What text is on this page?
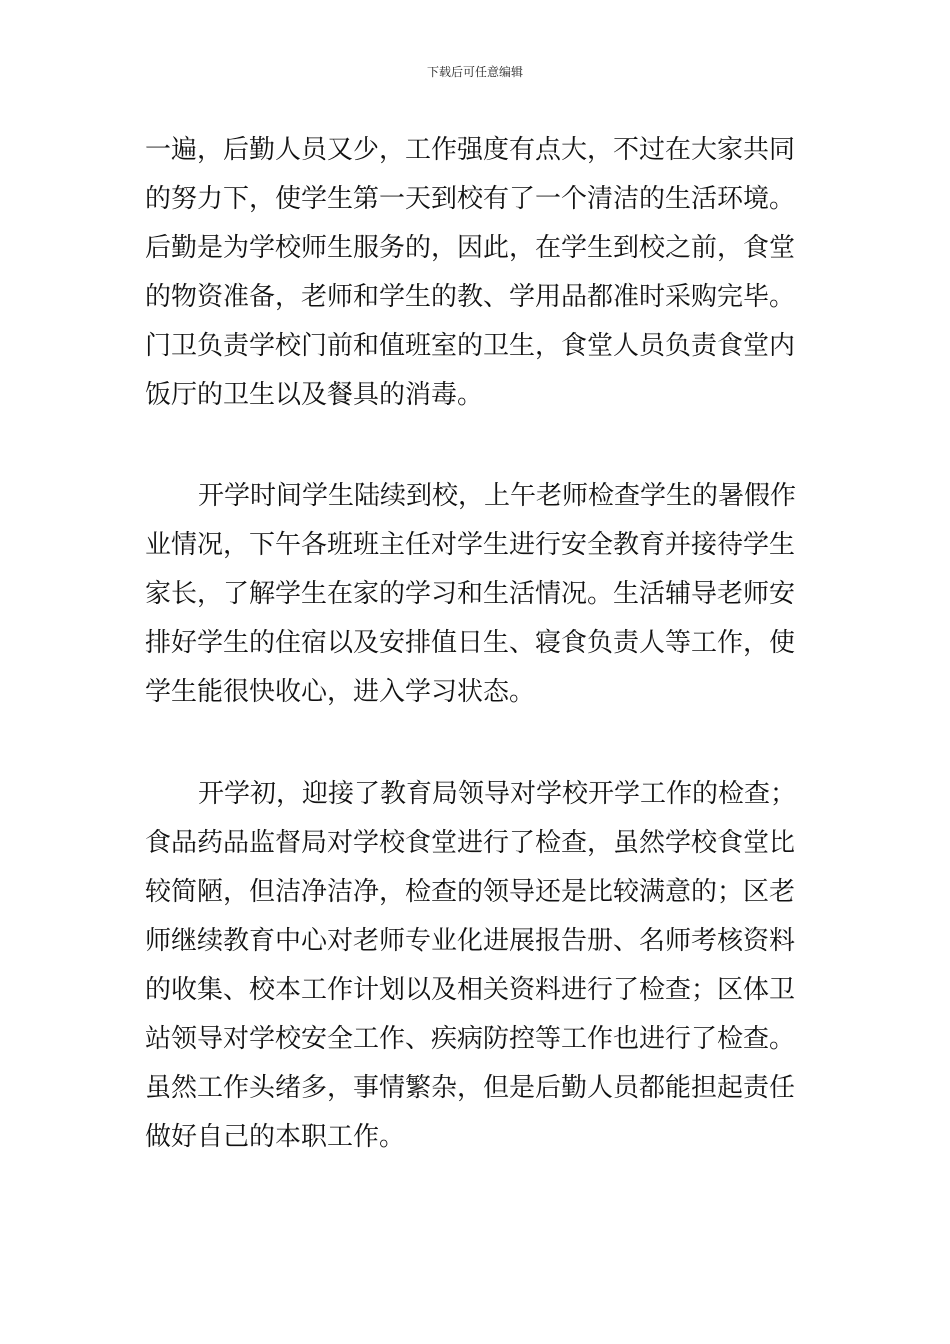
下载后可任意编辑
一遍，后勤人员又少，工作强度有点大，不过在大家共同
的努力下，使学生第一天到校有了一个清洁的生活环境。
后勤是为学校师生服务的，因此，在学生到校之前，食堂
的物资准备，老师和学生的教、学用品都准时采购完毕。
门卫负责学校门前和值班室的卫生，食堂人员负责食堂内
饭厅的卫生以及餐具的消毒。
开学时间学生陆续到校，上午老师检查学生的暑假作
业情况，下午各班班主任对学生进行安全教育并接待学生
家长，了解学生在家的学习和生活情况。生活辅导老师安
排好学生的住宿以及安排值日生、寝食负责人等工作，使
学生能很快收心，进入学习状态。
开学初，迎接了教育局领导对学校开学工作的检查；
食品药品监督局对学校食堂进行了检查，虽然学校食堂比
较简陋，但洁净洁净，检查的领导还是比较满意的；区老
师继续教育中心对老师专业化进展报告册、名师考核资料
的收集、校本工作计划以及相关资料进行了检查；区体卫
站领导对学校安全工作、疾病防控等工作也进行了检查。
虽然工作头绪多，事情繁杂，但是后勤人员都能担起责任
做好自己的本职工作。
